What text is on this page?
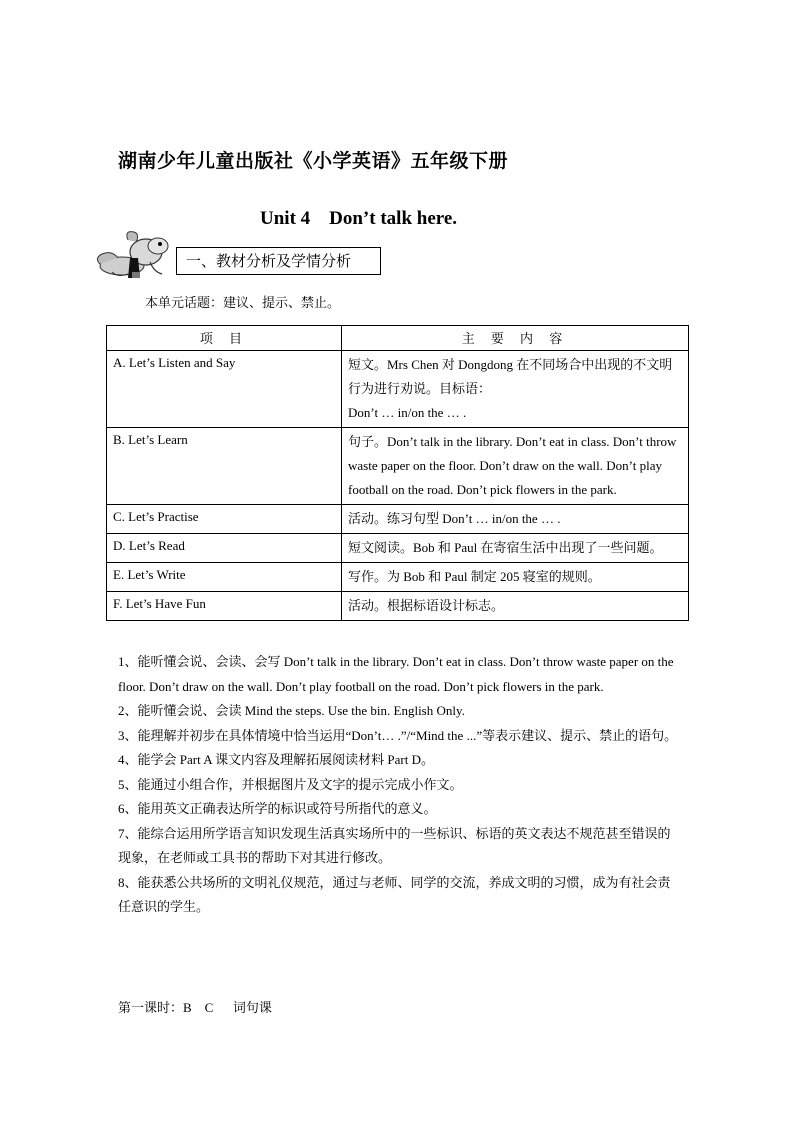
湖南少年儿童出版社《小学英语》五年级下册
Unit 4    Don’t talk here.
一、教材分析及学情分析
本单元话题：建议、提示、禁止。
项 目	主 要 内 容
A. Let’s Listen and Say	短文。Mrs Chen 对 Dongdong 在不同场合中出现的不文明行为进行劝说。目标语：
Don’t … in/on the … .

B. Let’s Learn	句子。Don’t talk in the library. Don’t eat in class. Don’t throw waste paper on the floor. Don’t draw on the wall. Don’t play football on the road. Don’t pick flowers in the park.

C. Let’s Practise	活动。练习句型 Don’t … in/on the … .

D. Let’s Read	短文阅读。Bob 和 Paul 在寄宿生活中出现了一些问题。

E. Let’s Write	写作。为 Bob 和 Paul 制定 205 寝室的规则。

F. Let’s Have Fun	活动。根据标语设计标志。

1、能听懂会说、会读、会写 Don’t talk in the library. Don’t eat in class. Don’t throw waste paper on the floor. Don’t draw on the wall. Don’t play football on the road. Don’t pick flowers in the park.

2、能听懂会说、会读 Mind the steps. Use the bin. English Only.

3、能理解并初步在具体情境中恰当运用“Don’t… .”/“Mind the ...”等表示建议、提示、禁止的语句。

4、能学会 Part A 课文内容及理解拓展阅读材料 Part D。

5、能通过小组合作，并根据图片及文字的提示完成小作文。

6、能用英文正确表达所学的标识或符号所指代的意义。

7、能综合运用所学语言知识发现生活真实场所中的一些标识、标语的英文表达不规范甚至错误的现象，在老师或工具书的帮助下对其进行修改。

8、能获悉公共场所的文明礼仪规范，通过与老师、同学的交流，养成文明的习惯，成为有社会责任意识的学生。

第一课时：B    C      词句课
